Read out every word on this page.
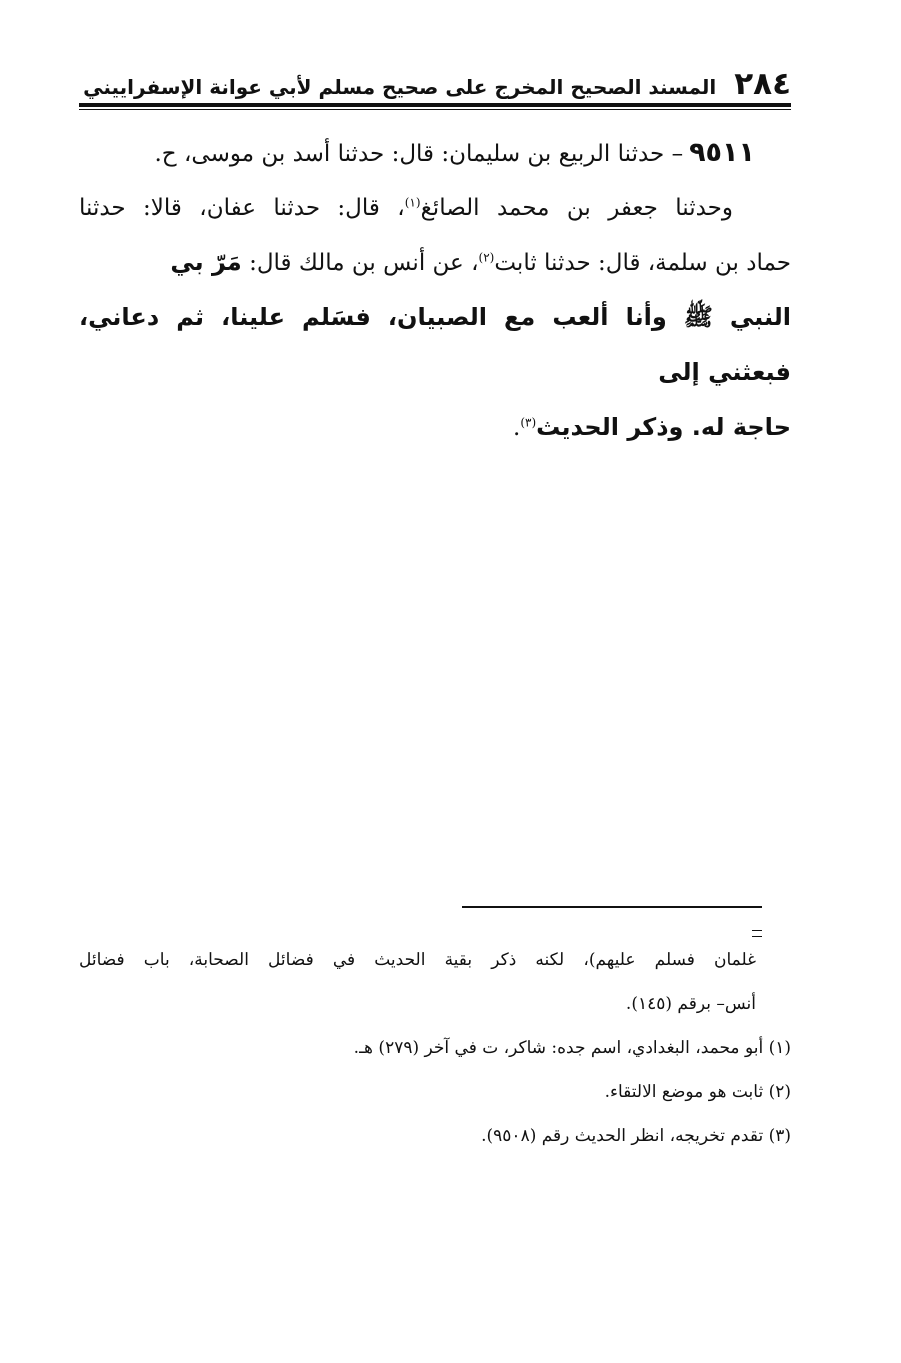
٢٨٤
المسند الصحيح المخرج على صحيح مسلم لأبي عوانة الإسفراييني

٩٥١١– حدثنا الربيع بن سليمان: قال: حدثنا أسد بن موسى، ح.

وحدثنا جعفر بن محمد الصائغ$^{(١)}$، قال: حدثنا عفان، قالا: حدثنا

حماد بن سلمة، قال: حدثنا ثابت$^{(٢)}$، عن أنس بن مالك قال: مَرّ بي

النبي ﷺ وأنا ألعب مع الصبيان، فسَلم علينا، ثم دعاني، فبعثني إلى

حاجة له. وذكر الحديث$^{(٣)}$.

غلمان فسلم عليهم)، لكنه ذكر بقية الحديث في فضائل الصحابة، باب فضائل

أنس– برقم (١٤٥).

(١) أبو محمد، البغدادي، اسم جده: شاكر، ت في آخر (٢٧٩) هـ.

(٢) ثابت هو موضع الالتقاء.

(٣) تقدم تخريجه، انظر الحديث رقم (٩٥٠٨).
